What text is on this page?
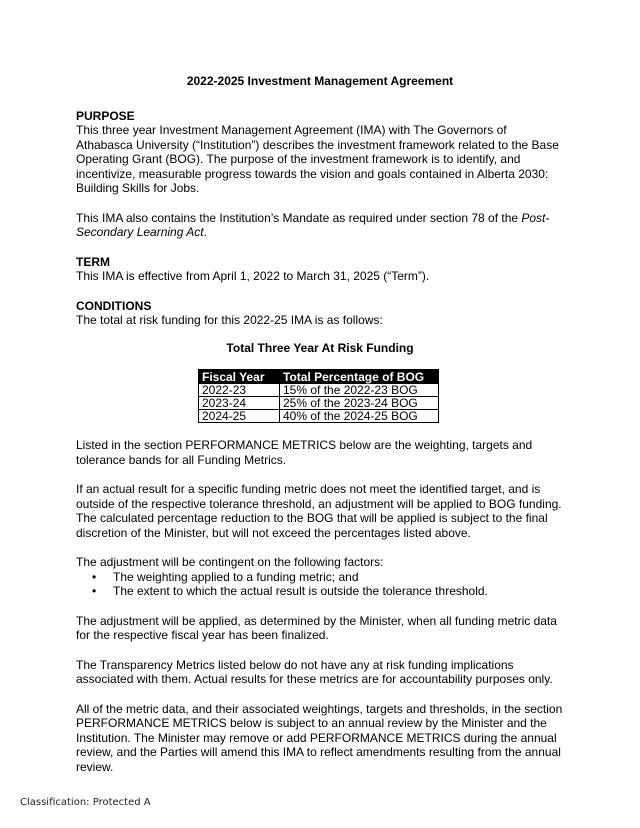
2022-2025 Investment Management Agreement
PURPOSE

This three year Investment Management Agreement (IMA) with The Governors of Athabasca University (“Institution”) describes the investment framework related to the Base Operating Grant (BOG). The purpose of the investment framework is to identify, and incentivize, measurable progress towards the vision and goals contained in Alberta 2030: Building Skills for Jobs.

This IMA also contains the Institution’s Mandate as required under section 78 of the Post-Secondary Learning Act.

TERM

This IMA is effective from April 1, 2022 to March 31, 2025 (“Term”).

CONDITIONS

The total at risk funding for this 2022-25 IMA is as follows:

Total Three Year At Risk Funding
Fiscal Year	Total Percentage of BOG
2022-23	15% of the 2022-23 BOG
2023-24	25% of the 2023-24 BOG
2024-25	40% of the 2024-25 BOG

Listed in the section PERFORMANCE METRICS below are the weighting, targets and tolerance bands for all Funding Metrics.

If an actual result for a specific funding metric does not meet the identified target, and is outside of the respective tolerance threshold, an adjustment will be applied to BOG funding. The calculated percentage reduction to the BOG that will be applied is subject to the final discretion of the Minister, but will not exceed the percentages listed above.

The adjustment will be contingent on the following factors:

• The weighting applied to a funding metric; and
• The extent to which the actual result is outside the tolerance threshold.

The adjustment will be applied, as determined by the Minister, when all funding metric data for the respective fiscal year has been finalized.

The Transparency Metrics listed below do not have any at risk funding implications associated with them. Actual results for these metrics are for accountability purposes only.

All of the metric data, and their associated weightings, targets and thresholds, in the section PERFORMANCE METRICS below is subject to an annual review by the Minister and the Institution. The Minister may remove or add PERFORMANCE METRICS during the annual review, and the Parties will amend this IMA to reflect amendments resulting from the annual review.

Classification: Protected A
